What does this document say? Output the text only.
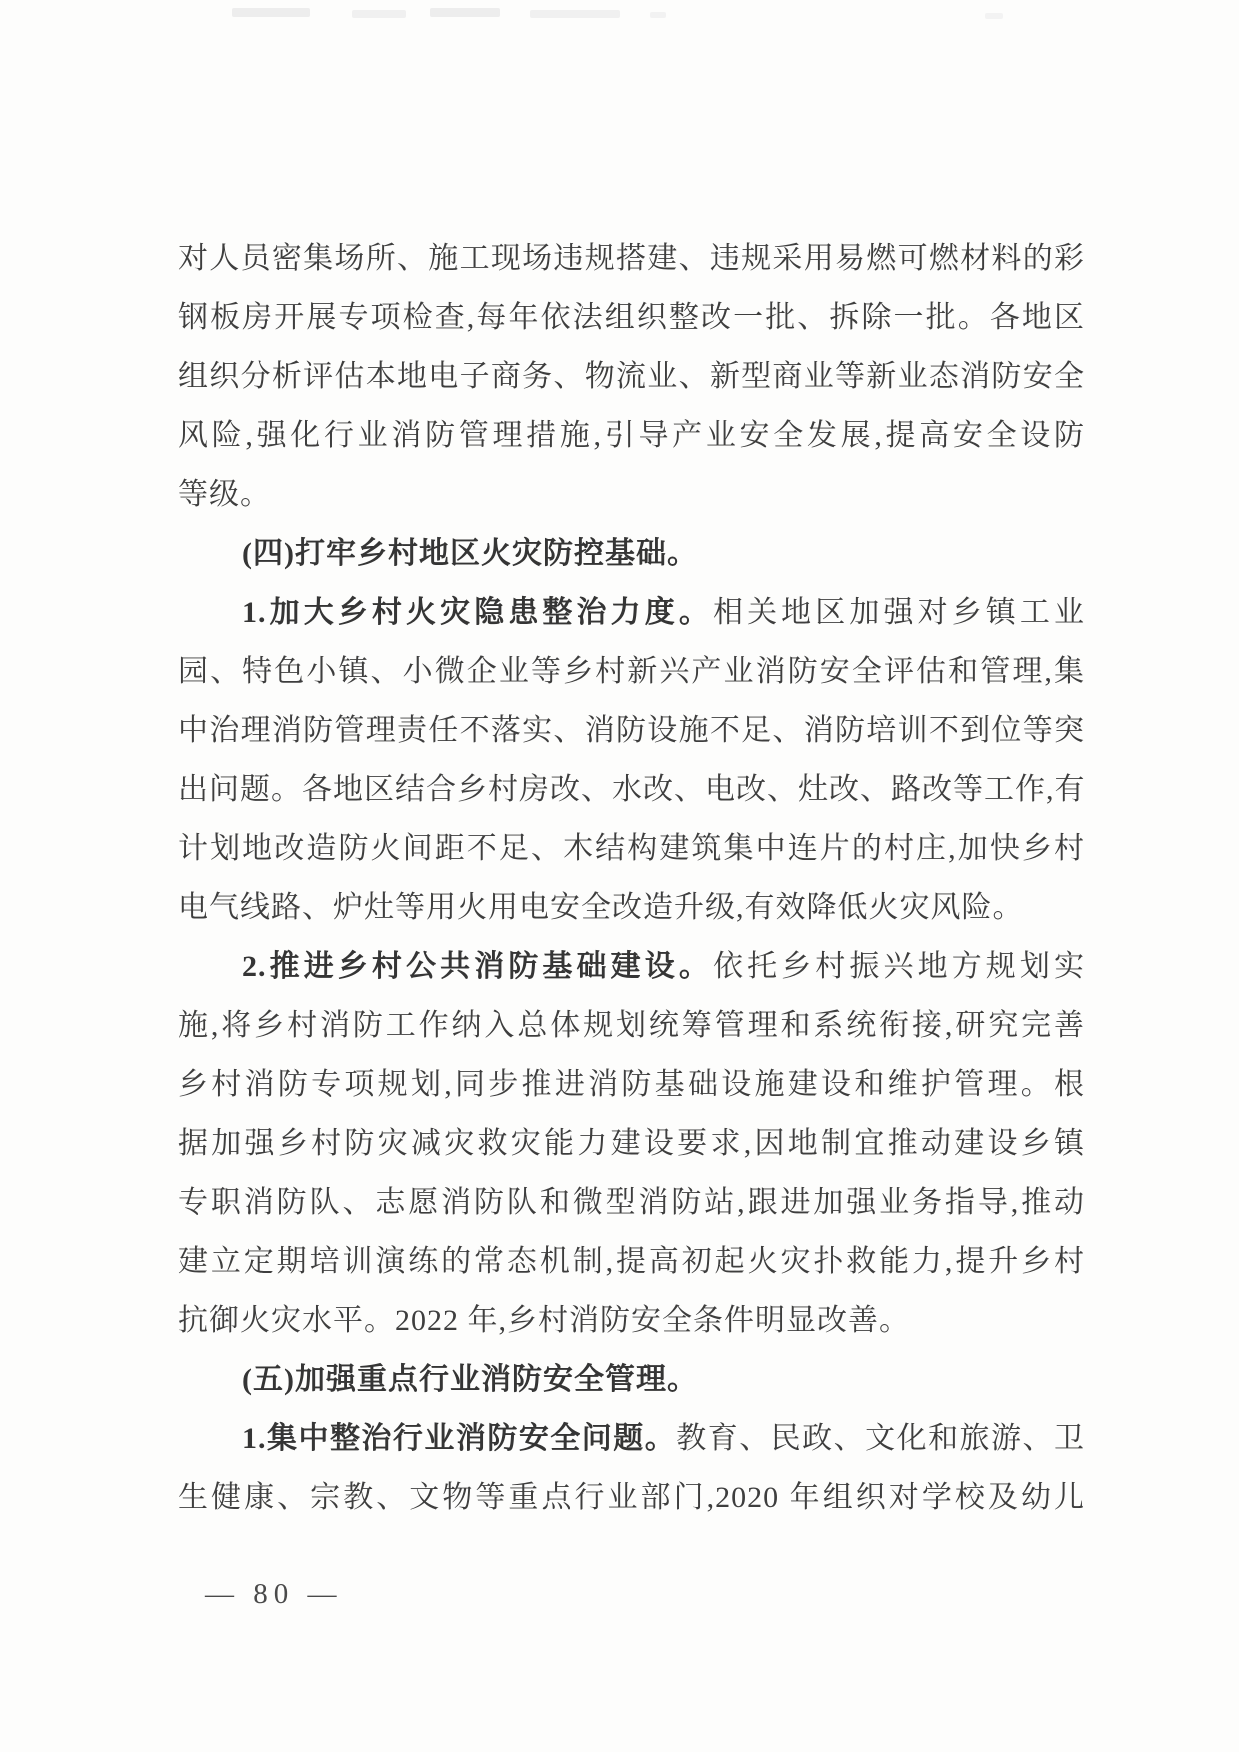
对人员密集场所、施工现场违规搭建、违规采用易燃可燃材料的彩
钢板房开展专项检查,每年依法组织整改一批、拆除一批。各地区
组织分析评估本地电子商务、物流业、新型商业等新业态消防安全
风险,强化行业消防管理措施,引导产业安全发展,提高安全设防
等级。
(四)打牢乡村地区火灾防控基础。
1.加大乡村火灾隐患整治力度。相关地区加强对乡镇工业
园、特色小镇、小微企业等乡村新兴产业消防安全评估和管理,集
中治理消防管理责任不落实、消防设施不足、消防培训不到位等突
出问题。各地区结合乡村房改、水改、电改、灶改、路改等工作,有
计划地改造防火间距不足、木结构建筑集中连片的村庄,加快乡村
电气线路、炉灶等用火用电安全改造升级,有效降低火灾风险。
2.推进乡村公共消防基础建设。依托乡村振兴地方规划实
施,将乡村消防工作纳入总体规划统筹管理和系统衔接,研究完善
乡村消防专项规划,同步推进消防基础设施建设和维护管理。根
据加强乡村防灾减灾救灾能力建设要求,因地制宜推动建设乡镇
专职消防队、志愿消防队和微型消防站,跟进加强业务指导,推动
建立定期培训演练的常态机制,提高初起火灾扑救能力,提升乡村
抗御火灾水平。2022 年,乡村消防安全条件明显改善。
(五)加强重点行业消防安全管理。
1.集中整治行业消防安全问题。教育、民政、文化和旅游、卫
生健康、宗教、文物等重点行业部门,2020 年组织对学校及幼儿
— 80 —
